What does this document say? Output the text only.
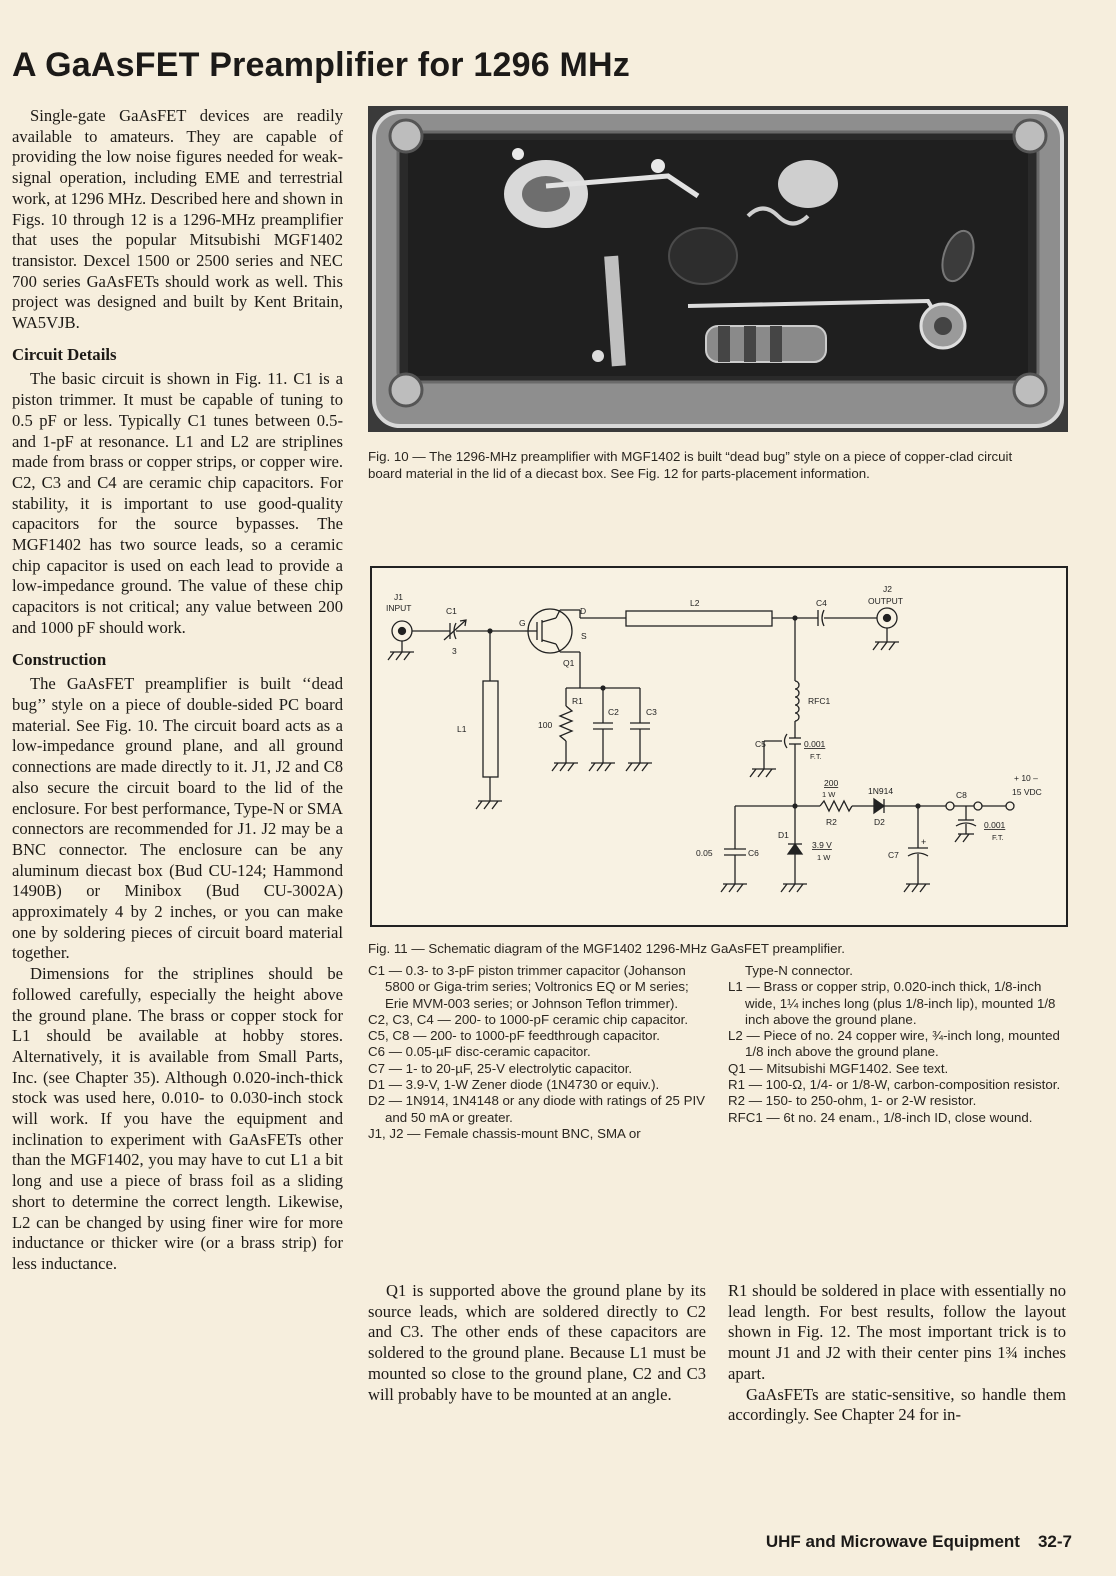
A GaAsFET Preamplifier for 1296 MHz

Single-gate GaAsFET devices are readily available to amateurs. They are capable of providing the low noise figures needed for weak-signal operation, including EME and terrestrial work, at 1296 MHz. Described here and shown in Figs. 10 through 12 is a 1296-MHz preamplifier that uses the popular Mitsubishi MGF1402 transistor. Dexcel 1500 or 2500 series and NEC 700 series GaAsFETs should work as well. This project was designed and built by Kent Britain, WA5VJB.

Circuit Details

The basic circuit is shown in Fig. 11. C1 is a piston trimmer. It must be capable of tuning to 0.5 pF or less. Typically C1 tunes between 0.5- and 1-pF at resonance. L1 and L2 are striplines made from brass or copper strips, or copper wire. C2, C3 and C4 are ceramic chip capacitors. For stability, it is important to use good-quality capacitors for the source bypasses. The MGF1402 has two source leads, so a ceramic chip capacitor is used on each lead to provide a low-impedance ground. The value of these chip capacitors is not critical; any value between 200 and 1000 pF should work.

Construction

The GaAsFET preamplifier is built ‘‘dead bug’’ style on a piece of double-sided PC board material. See Fig. 10. The circuit board acts as a low-impedance ground plane, and all ground connections are made directly to it. J1, J2 and C8 also secure the circuit board to the lid of the enclosure. For best performance, Type-N or SMA connectors are recommended for J1. J2 may be a BNC connector. The enclosure can be any aluminum diecast box (Bud CU-124; Hammond 1490B) or Minibox (Bud CU-3002A) approximately 4 by 2 inches, or you can make one by soldering pieces of circuit board material together.

Dimensions for the striplines should be followed carefully, especially the height above the ground plane. The brass or copper stock for L1 should be available at hobby stores. Alternatively, it is available from Small Parts, Inc. (see Chapter 35). Although 0.020-inch-thick stock was used here, 0.010- to 0.030-inch stock will work. If you have the equipment and inclination to experiment with GaAsFETs other than the MGF1402, you may have to cut L1 a bit long and use a piece of brass foil as a sliding short to determine the correct length. Likewise, L2 can be changed by using finer wire for more inductance or thicker wire (or a brass strip) for less inductance.

Fig. 10 — The 1296-MHz preamplifier with MGF1402 is built “dead bug” style on a piece of copper-clad circuit board material in the lid of a diecast box. See Fig. 12 for parts-placement information.
J1
INPUT	C1
3
G
D
S
Q1
L1
L2
R1
100
C2	C3
C4
J2
OUTPUT
RFC1
C5	0.001
F.T.
200
1 W
R2
1N914
D2
C8
+ 10 –
15 VDC
0.001
F.T.
0.05	C6
D1
3.9 V
1 W	C7
+
Fig. 11 — Schematic diagram of the MGF1402 1296-MHz GaAsFET preamplifier.

C1 — 0.3- to 3-pF piston trimmer capacitor (Johanson 5800 or Giga-trim series; Voltronics EQ or M series; Erie MVM-003 series; or Johnson Teflon trimmer).

C2, C3, C4 — 200- to 1000-pF ceramic chip capacitor.

C5, C8 — 200- to 1000-pF feedthrough capacitor.

C6 — 0.05-µF disc-ceramic capacitor.

C7 — 1- to 20-µF, 25-V electrolytic capacitor.

D1 — 3.9-V, 1-W Zener diode (1N4730 or equiv.).

D2 — 1N914, 1N4148 or any diode with ratings of 25 PIV and 50 mA or greater.

J1, J2 — Female chassis-mount BNC, SMA or

Type-N connector.

L1 — Brass or copper strip, 0.020-inch thick, 1/8-inch wide, 1¼ inches long (plus 1/8-inch lip), mounted 1/8 inch above the ground plane.

L2 — Piece of no. 24 copper wire, ¾-inch long, mounted 1/8 inch above the ground plane.

Q1 — Mitsubishi MGF1402. See text.

R1 — 100-Ω, 1/4- or 1/8-W, carbon-composition resistor.

R2 — 150- to 250-ohm, 1- or 2-W resistor.

RFC1 — 6t no. 24 enam., 1/8-inch ID, close wound.

Q1 is supported above the ground plane by its source leads, which are soldered directly to C2 and C3. The other ends of these capacitors are soldered to the ground plane. Because L1 must be mounted so close to the ground plane, C2 and C3 will probably have to be mounted at an angle.

R1 should be soldered in place with essentially no lead length. For best results, follow the layout shown in Fig. 12. The most important trick is to mount J1 and J2 with their center pins 1¾ inches apart.

GaAsFETs are static-sensitive, so handle them accordingly. See Chapter 24 for in-

UHF and Microwave Equipment 32-7
